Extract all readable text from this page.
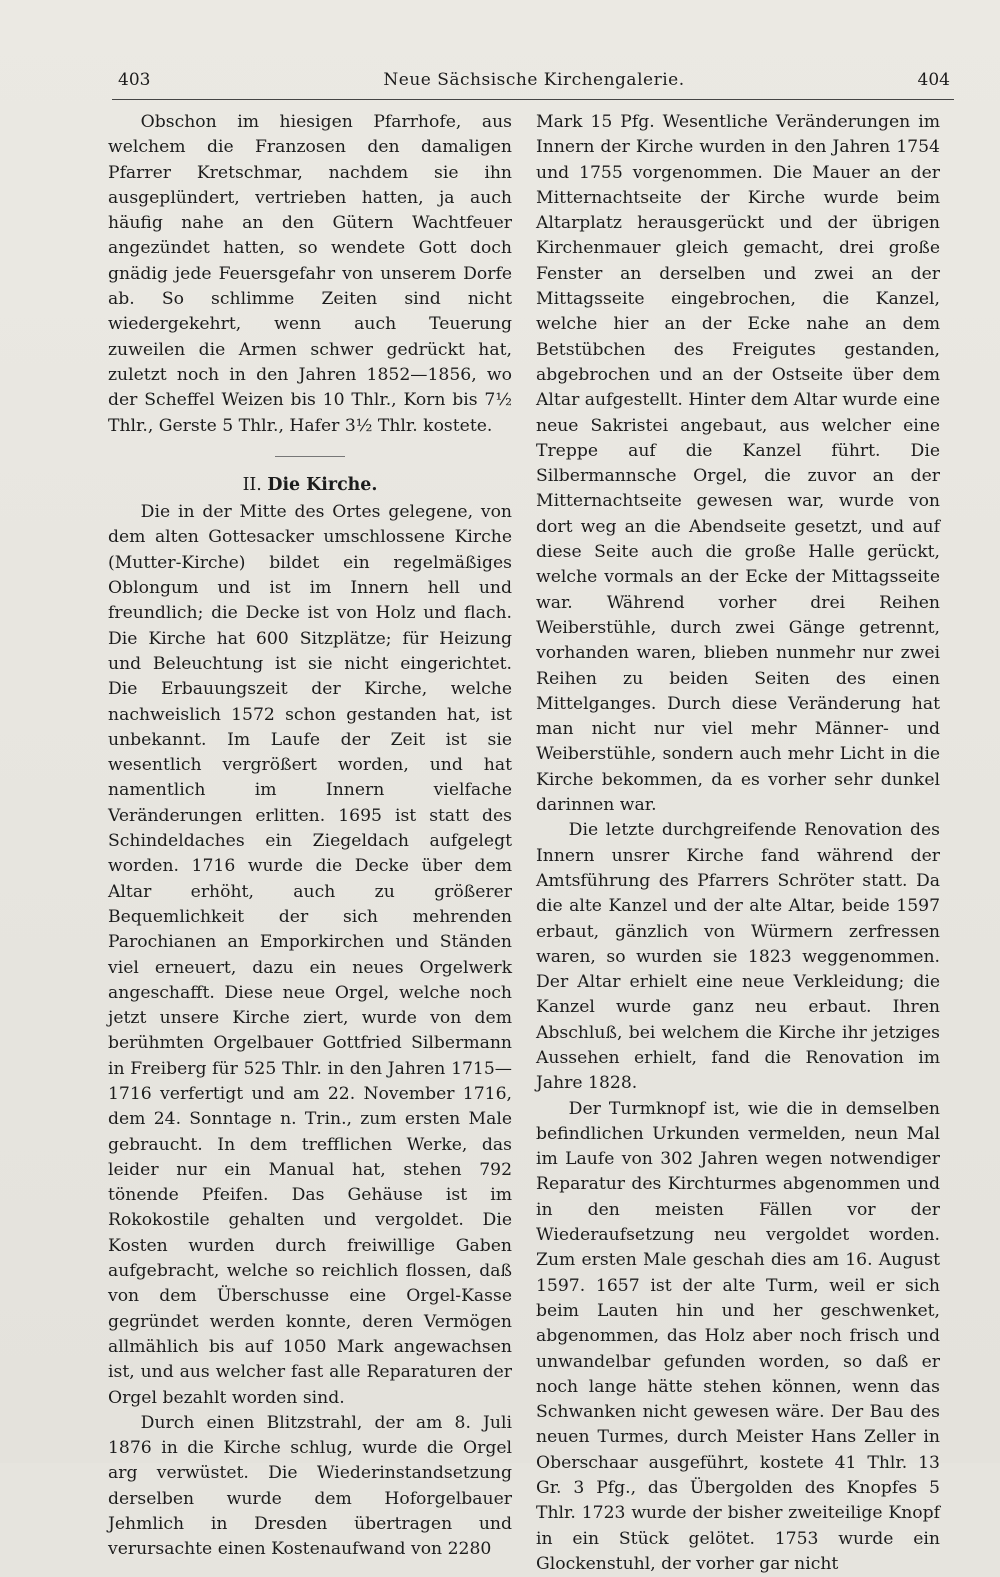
403	Neue Sächsische Kirchengalerie.	404

Obschon im hiesigen Pfarrhofe, aus welchem die Franzosen den damaligen Pfarrer Kretschmar, nachdem sie ihn ausgeplündert, vertrieben hatten, ja auch häufig nahe an den Gütern Wachtfeuer angezündet hatten, so wendete Gott doch gnädig jede Feuersgefahr von unserem Dorfe ab. So schlimme Zeiten sind nicht wiedergekehrt, wenn auch Teuerung zuweilen die Armen schwer gedrückt hat, zuletzt noch in den Jahren 1852—1856, wo der Scheffel Weizen bis 10 Thlr., Korn bis 7½ Thlr., Gerste 5 Thlr., Hafer 3½ Thlr. kostete.

II. Die Kirche.

Die in der Mitte des Ortes gelegene, von dem alten Gottesacker umschlossene Kirche (Mutter-Kirche) bildet ein regelmäßiges Oblongum und ist im Innern hell und freundlich; die Decke ist von Holz und flach. Die Kirche hat 600 Sitzplätze; für Heizung und Beleuchtung ist sie nicht eingerichtet. Die Erbauungszeit der Kirche, welche nachweislich 1572 schon gestanden hat, ist unbekannt. Im Laufe der Zeit ist sie wesentlich vergrößert worden, und hat namentlich im Innern vielfache Veränderungen erlitten. 1695 ist statt des Schindeldaches ein Ziegeldach aufgelegt worden. 1716 wurde die Decke über dem Altar erhöht, auch zu größerer Bequemlichkeit der sich mehrenden Parochianen an Emporkirchen und Ständen viel erneuert, dazu ein neues Orgelwerk angeschafft. Diese neue Orgel, welche noch jetzt unsere Kirche ziert, wurde von dem berühmten Orgelbauer Gottfried Silbermann in Freiberg für 525 Thlr. in den Jahren 1715—1716 verfertigt und am 22. November 1716, dem 24. Sonntage n. Trin., zum ersten Male gebraucht. In dem trefflichen Werke, das leider nur ein Manual hat, stehen 792 tönende Pfeifen. Das Gehäuse ist im Rokokostile gehalten und vergoldet. Die Kosten wurden durch freiwillige Gaben aufgebracht, welche so reichlich flossen, daß von dem Überschusse eine Orgel-Kasse gegründet werden konnte, deren Vermögen allmählich bis auf 1050 Mark angewachsen ist, und aus welcher fast alle Reparaturen der Orgel bezahlt worden sind.

Durch einen Blitzstrahl, der am 8. Juli 1876 in die Kirche schlug, wurde die Orgel arg verwüstet. Die Wiederinstandsetzung derselben wurde dem Hoforgelbauer Jehmlich in Dresden übertragen und verursachte einen Kostenaufwand von 2280

Mark 15 Pfg. Wesentliche Veränderungen im Innern der Kirche wurden in den Jahren 1754 und 1755 vorgenommen. Die Mauer an der Mitternachtseite der Kirche wurde beim Altarplatz herausgerückt und der übrigen Kirchenmauer gleich gemacht, drei große Fenster an derselben und zwei an der Mittagsseite eingebrochen, die Kanzel, welche hier an der Ecke nahe an dem Betstübchen des Freigutes gestanden, abgebrochen und an der Ostseite über dem Altar aufgestellt. Hinter dem Altar wurde eine neue Sakristei angebaut, aus welcher eine Treppe auf die Kanzel führt. Die Silbermannsche Orgel, die zuvor an der Mitternachtseite gewesen war, wurde von dort weg an die Abendseite gesetzt, und auf diese Seite auch die große Halle gerückt, welche vormals an der Ecke der Mittagsseite war. Während vorher drei Reihen Weiberstühle, durch zwei Gänge getrennt, vorhanden waren, blieben nunmehr nur zwei Reihen zu beiden Seiten des einen Mittelganges. Durch diese Veränderung hat man nicht nur viel mehr Männer- und Weiberstühle, sondern auch mehr Licht in die Kirche bekommen, da es vorher sehr dunkel darinnen war.

Die letzte durchgreifende Renovation des Innern unsrer Kirche fand während der Amtsführung des Pfarrers Schröter statt. Da die alte Kanzel und der alte Altar, beide 1597 erbaut, gänzlich von Würmern zerfressen waren, so wurden sie 1823 weggenommen. Der Altar erhielt eine neue Verkleidung; die Kanzel wurde ganz neu erbaut. Ihren Abschluß, bei welchem die Kirche ihr jetziges Aussehen erhielt, fand die Renovation im Jahre 1828.

Der Turmknopf ist, wie die in demselben befindlichen Urkunden vermelden, neun Mal im Laufe von 302 Jahren wegen notwendiger Reparatur des Kirchturmes abgenommen und in den meisten Fällen vor der Wiederaufsetzung neu vergoldet worden. Zum ersten Male geschah dies am 16. August 1597. 1657 ist der alte Turm, weil er sich beim Lauten hin und her geschwenket, abgenommen, das Holz aber noch frisch und unwandelbar gefunden worden, so daß er noch lange hätte stehen können, wenn das Schwanken nicht gewesen wäre. Der Bau des neuen Turmes, durch Meister Hans Zeller in Oberschaar ausgeführt, kostete 41 Thlr. 13 Gr. 3 Pfg., das Übergolden des Knopfes 5 Thlr. 1723 wurde der bisher zweiteilige Knopf in ein Stück gelötet. 1753 wurde ein Glockenstuhl, der vorher gar nicht
